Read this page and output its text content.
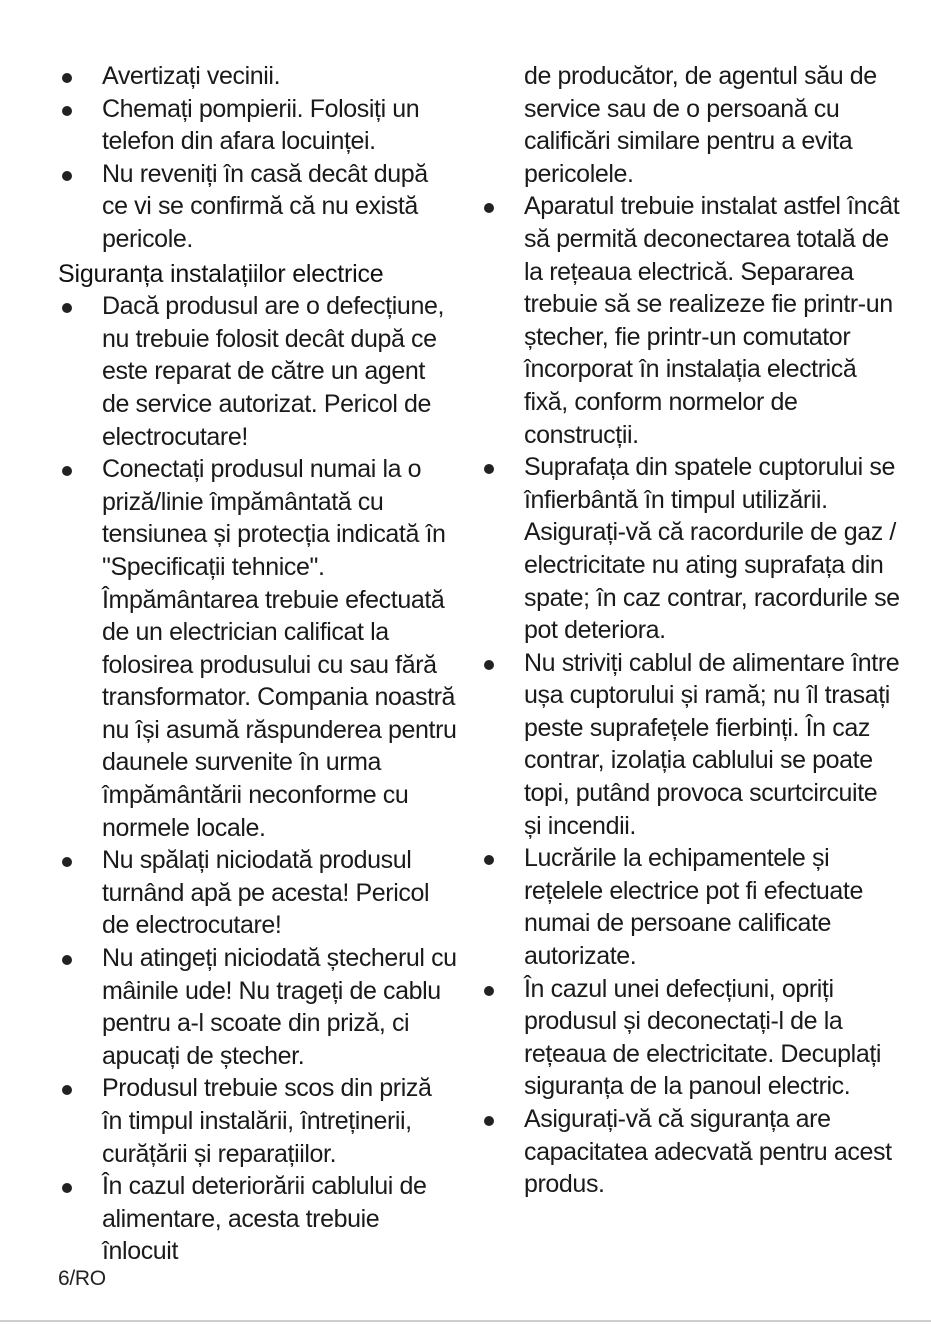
Avertizați vecinii.
Chemați pompierii. Folosiți un telefon din afara locuinței.
Nu reveniți în casă decât după ce vi se confirmă că nu există pericole.
Siguranța instalațiilor electrice
Dacă produsul are o defecțiune, nu trebuie folosit decât după ce este reparat de către un agent de service autorizat. Pericol de electrocutare!
Conectați produsul numai la o priză/linie împământată cu tensiunea și protecția indicată în "Specificații tehnice". Împământarea trebuie efectuată de un electrician calificat la folosirea produsului cu sau fără transformator. Compania noastră nu își asumă răspunderea pentru daunele survenite în urma împământării neconforme cu normele locale.
Nu spălați niciodată produsul turnând apă pe acesta! Pericol de electrocutare!
Nu atingeți niciodată ștecherul cu mâinile ude! Nu trageți de cablu pentru a-l scoate din priză, ci apucați de ștecher.
Produsul trebuie scos din priză în timpul instalării, întreținerii, curățării și reparațiilor.
În cazul deteriorării cablului de alimentare, acesta trebuie înlocuit

de producător, de agentul său de service sau de o persoană cu calificări similare pentru a evita pericolele.

Aparatul trebuie instalat astfel încât să permită deconectarea totală de la rețeaua electrică. Separarea trebuie să se realizeze fie printr-un ștecher, fie printr-un comutator încorporat în instalația electrică fixă, conform normelor de construcții.
Suprafața din spatele cuptorului se înfierbântă în timpul utilizării. Asigurați-vă că racordurile de gaz / electricitate nu ating suprafața din spate; în caz contrar, racordurile se pot deteriora.
Nu striviți cablul de alimentare între ușa cuptorului și ramă; nu îl trasați peste suprafețele fierbinți. În caz contrar, izolația cablului se poate topi, putând provoca scurtcircuite și incendii.
Lucrările la echipamentele și rețelele electrice pot fi efectuate numai de persoane calificate autorizate.
În cazul unei defecțiuni, opriți produsul și deconectați-l de la rețeaua de electricitate. Decuplați siguranța de la panoul electric.
Asigurați-vă că siguranța are capacitatea adecvată pentru acest produs.
6/RO
